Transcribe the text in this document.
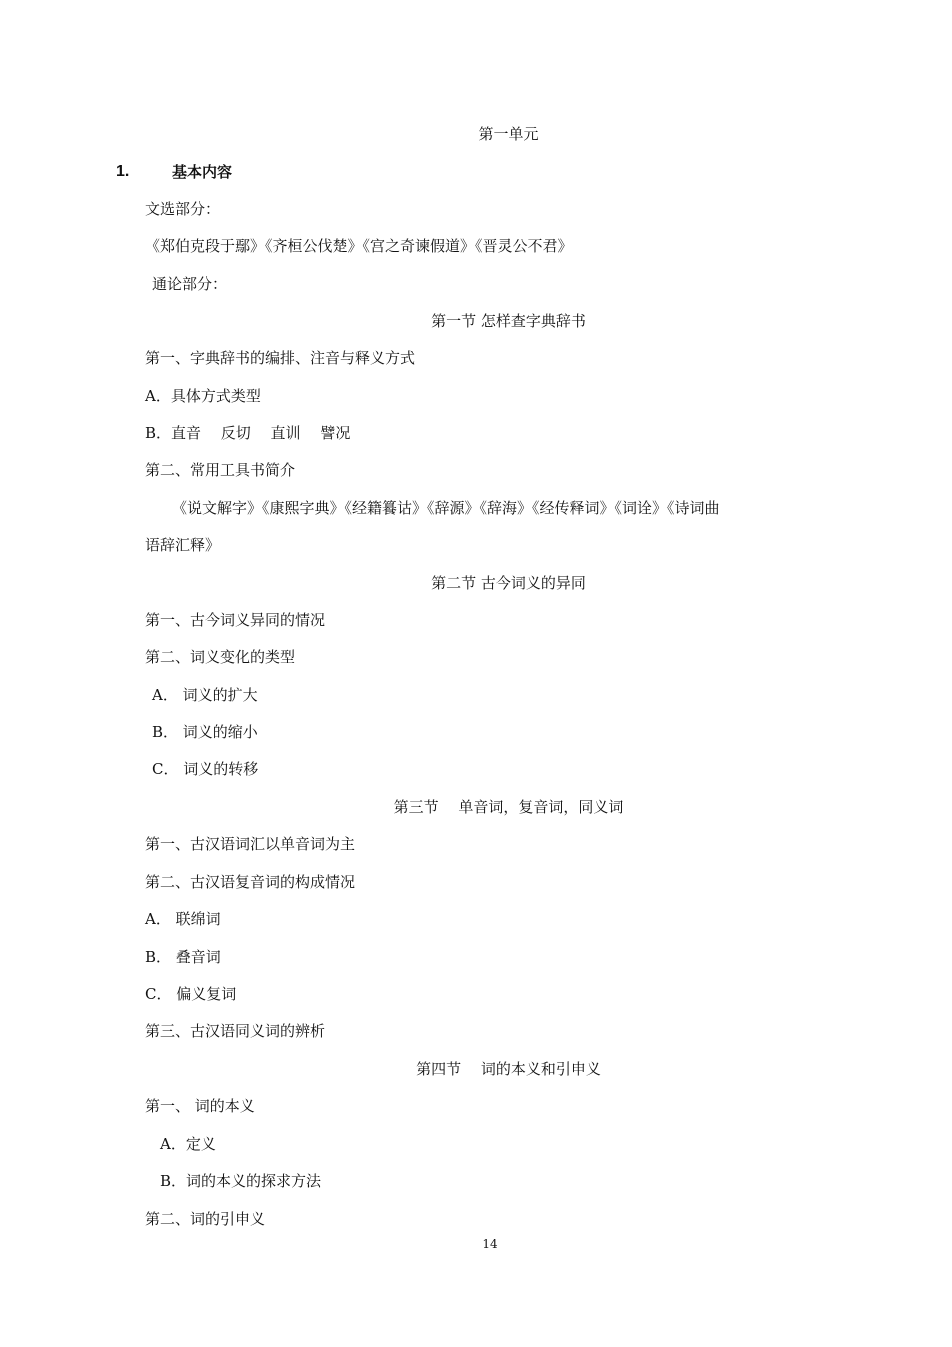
第一单元
1.	基本内容
文选部分：
《郑伯克段于鄢》《齐桓公伐楚》《宫之奇谏假道》《晋灵公不君》
通论部分：
第一节 怎样查字典辞书
第一、字典辞书的编排、注音与释义方式
A．具体方式类型
B．直音　 反切　 直训　 譬况
第二、常用工具书简介
《说文解字》《康熙字典》《经籍籑诂》《辞源》《辞海》《经传释词》《词诠》《诗词曲
语辞汇释》
第二节 古今词义的异同
第一、古今词义异同的情况
第二、词义变化的类型
A． 词义的扩大
B． 词义的缩小
C． 词义的转移
第三节　 单音词，复音词，同义词
第一、古汉语词汇以单音词为主
第二、古汉语复音词的构成情况
A． 联绵词
B． 叠音词
C． 偏义复词
第三、古汉语同义词的辨析
第四节　 词的本义和引申义
第一、 词的本义
A．定义
B．词的本义的探求方法
第二、词的引申义
14
